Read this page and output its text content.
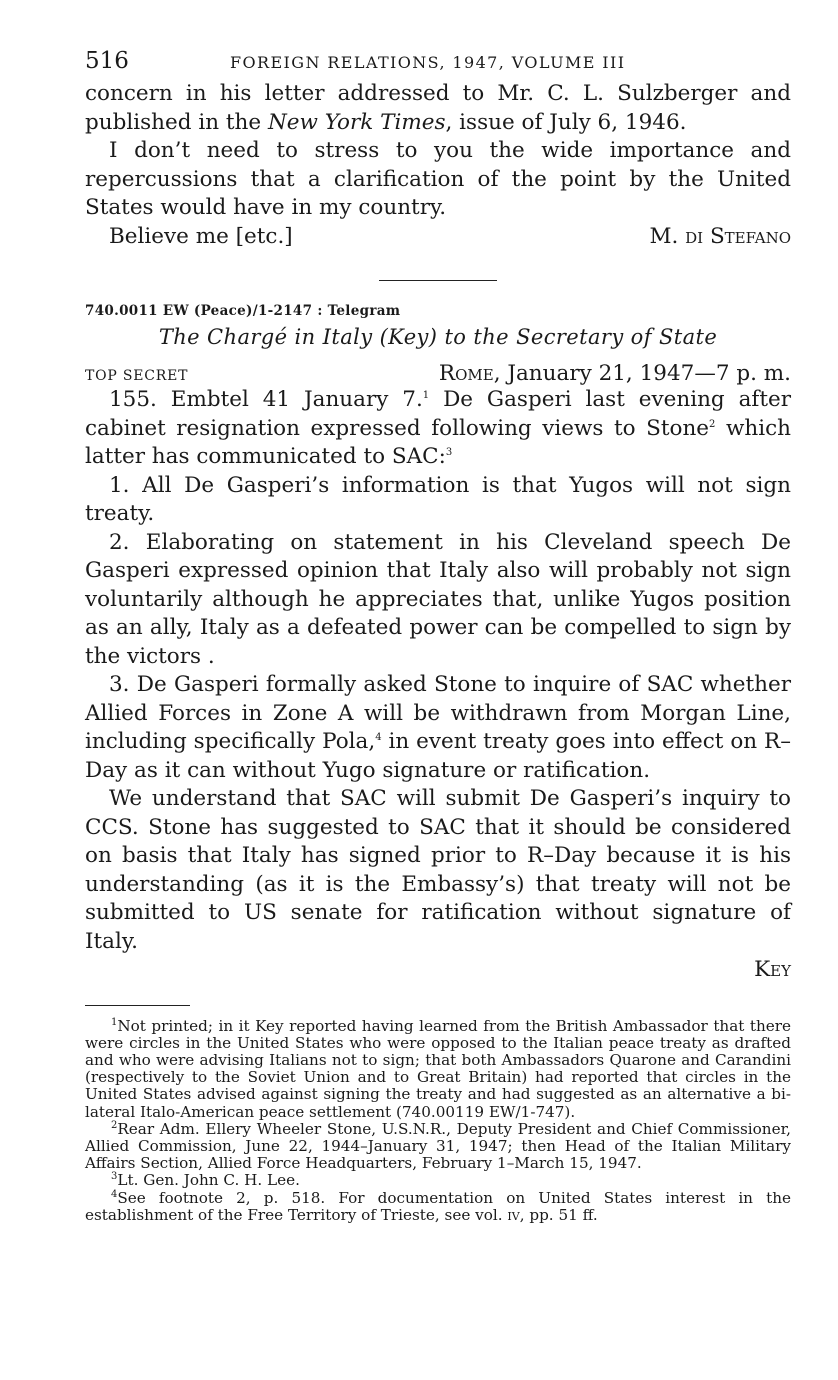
516	FOREIGN RELATIONS, 1947, VOLUME III

concern in his letter addressed to Mr. C. L. Sulzberger and published in the New York Times, issue of July 6, 1946.

I don’t need to stress to you the wide importance and repercussions that a clarification of the point by the United States would have in my country.

Believe me [etc.]	M. di Stefano
740.0011 EW (Peace)/1-2147 : Telegram
The Chargé in Italy (Key) to the Secretary of State
TOP SECRET	Rome, January 21, 1947—7 p. m.

155. Embtel 41 January 7.$^1$ De Gasperi last evening after cabinet resignation expressed following views to Stone$^2$ which latter has communicated to SAC:$^3$

1. All De Gasperi’s information is that Yugos will not sign treaty.

2. Elaborating on statement in his Cleveland speech De Gasperi expressed opinion that Italy also will probably not sign voluntarily although he appreciates that, unlike Yugos position as an ally, Italy as a defeated power can be compelled to sign by the victors .

3. De Gasperi formally asked Stone to inquire of SAC whether Allied Forces in Zone A will be withdrawn from Morgan Line, including specifically Pola,$^4$ in event treaty goes into effect on R–Day as it can without Yugo signature or ratification.

We understand that SAC will submit De Gasperi’s inquiry to CCS. Stone has suggested to SAC that it should be considered on basis that Italy has signed prior to R–Day because it is his understanding (as it is the Embassy’s) that treaty will not be submitted to US senate for ratification without signature of Italy.

Key

$^1$Not printed; in it Key reported having learned from the British Ambassador that there were circles in the United States who were opposed to the Italian peace treaty as drafted and who were advising Italians not to sign; that both Ambassadors Quarone and Carandini (respectively to the Soviet Union and to Great Britain) had reported that circles in the United States advised against signing the treaty and had suggested as an alternative a bi-lateral Italo-American peace settlement (740.00119 EW/1-747).

$^2$Rear Adm. Ellery Wheeler Stone, U.S.N.R., Deputy President and Chief Commissioner, Allied Commission, June 22, 1944–January 31, 1947; then Head of the Italian Military Affairs Section, Allied Force Headquarters, February 1–March 15, 1947.

$^3$Lt. Gen. John C. H. Lee.

$^4$See footnote 2, p. 518. For documentation on United States interest in the establishment of the Free Territory of Trieste, see vol. iv, pp. 51 ff.
